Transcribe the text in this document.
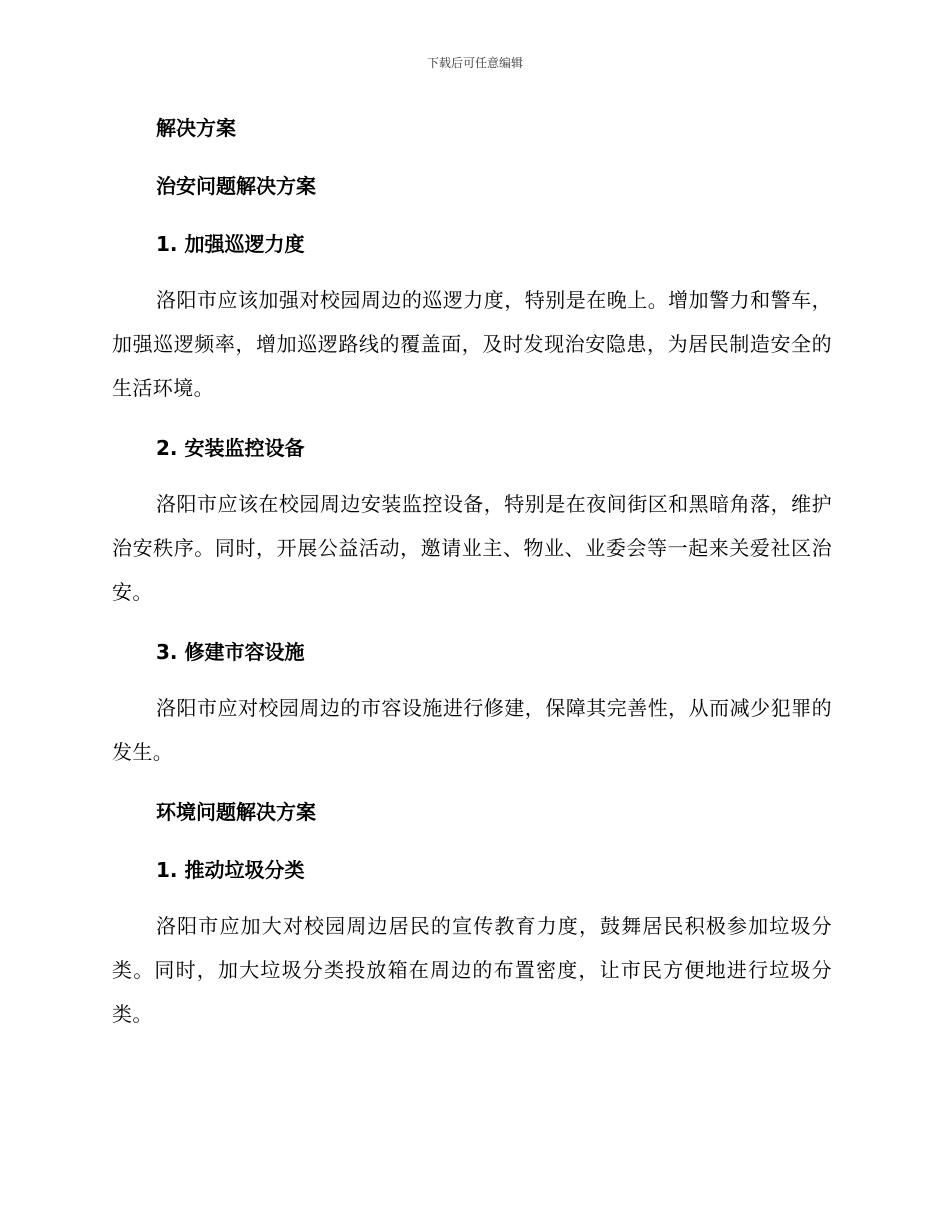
下载后可任意编辑
解决方案
治安问题解决方案
1. 加强巡逻力度
洛阳市应该加强对校园周边的巡逻力度，特别是在晚上。增加警力和警车，加强巡逻频率，增加巡逻路线的覆盖面，及时发现治安隐患，为居民制造安全的生活环境。
2. 安装监控设备
洛阳市应该在校园周边安装监控设备，特别是在夜间街区和黑暗角落，维护治安秩序。同时，开展公益活动，邀请业主、物业、业委会等一起来关爱社区治安。
3. 修建市容设施
洛阳市应对校园周边的市容设施进行修建，保障其完善性，从而减少犯罪的发生。
环境问题解决方案
1. 推动垃圾分类
洛阳市应加大对校园周边居民的宣传教育力度，鼓舞居民积极参加垃圾分类。同时，加大垃圾分类投放箱在周边的布置密度，让市民方便地进行垃圾分类。
